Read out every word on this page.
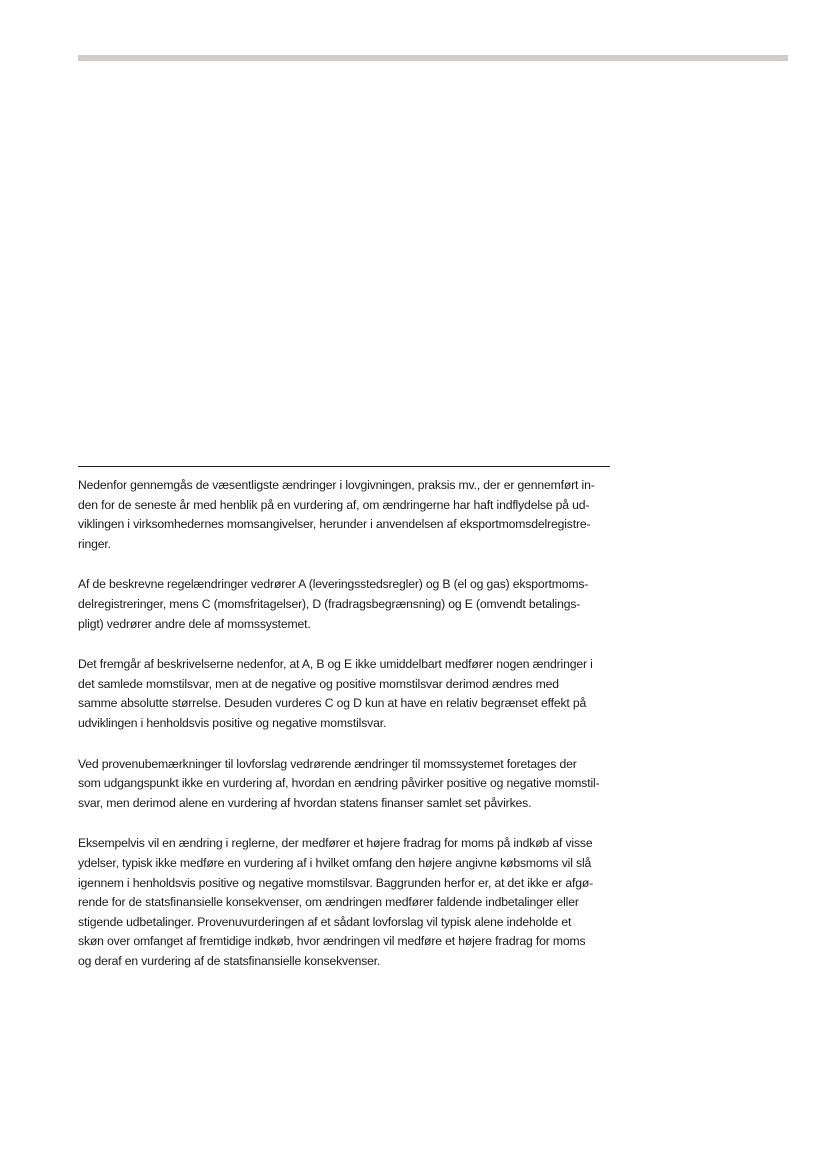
Nedenfor gennemgås de væsentligste ændringer i lovgivningen, praksis mv., der er gennemført in-
den for de seneste år med henblik på en vurdering af, om ændringerne har haft indflydelse på ud-
viklingen i virksomhedernes momsangivelser, herunder i anvendelsen af eksportmomsdelregistre-
ringer.

Af de beskrevne regelændringer vedrører A (leveringsstedsregler) og B (el og gas) eksportmoms-
delregistreringer, mens C (momsfritagelser), D (fradragsbegrænsning) og E (omvendt betalings-
pligt) vedrører andre dele af momssystemet.

Det fremgår af beskrivelserne nedenfor, at A, B og E ikke umiddelbart medfører nogen ændringer i
det samlede momstilsvar, men at de negative og positive momstilsvar derimod ændres med
samme absolutte størrelse. Desuden vurderes C og D kun at have en relativ begrænset effekt på
udviklingen i henholdsvis positive og negative momstilsvar.

Ved provenubemærkninger til lovforslag vedrørende ændringer til momssystemet foretages der
som udgangspunkt ikke en vurdering af, hvordan en ændring påvirker positive og negative momstil-
svar, men derimod alene en vurdering af hvordan statens finanser samlet set påvirkes.

Eksempelvis vil en ændring i reglerne, der medfører et højere fradrag for moms på indkøb af visse
ydelser, typisk ikke medføre en vurdering af i hvilket omfang den højere angivne købsmoms vil slå
igennem i henholdsvis positive og negative momstilsvar. Baggrunden herfor er, at det ikke er afgø-
rende for de statsfinansielle konsekvenser, om ændringen medfører faldende indbetalinger eller
stigende udbetalinger. Provenuvurderingen af et sådant lovforslag vil typisk alene indeholde et
skøn over omfanget af fremtidige indkøb, hvor ændringen vil medføre et højere fradrag for moms
og deraf en vurdering af de statsfinansielle konsekvenser.
